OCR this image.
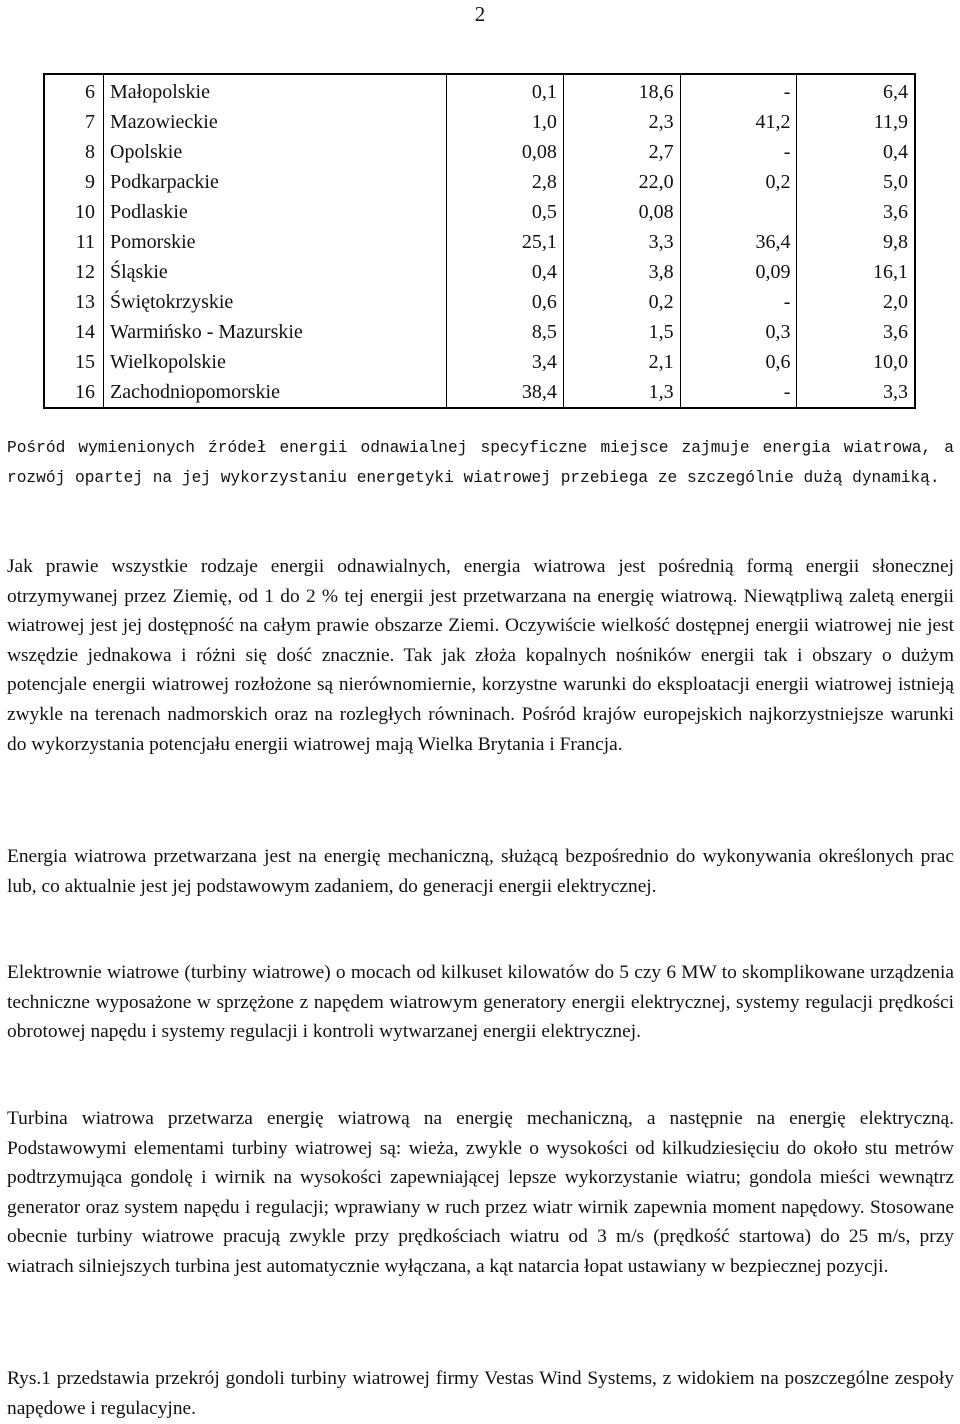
2
6	Małopolskie	0,1	18,6	-	6,4
7	Mazowieckie	1,0	2,3	41,2	11,9
8	Opolskie	0,08	2,7	-	0,4
9	Podkarpackie	2,8	22,0	0,2	5,0
10	Podlaskie	0,5	0,08		3,6
11	Pomorskie	25,1	3,3	36,4	9,8
12	Śląskie	0,4	3,8	0,09	16,1
13	Świętokrzyskie	0,6	0,2	-	2,0
14	Warmińsko - Mazurskie	8,5	1,5	0,3	3,6
15	Wielkopolskie	3,4	2,1	0,6	10,0
16	Zachodniopomorskie	38,4	1,3	-	3,3

Pośród wymienionych źródeł energii odnawialnej specyficzne miejsce zajmuje energia wiatrowa, a rozwój opartej na jej wykorzystaniu energetyki wiatrowej przebiega ze szczególnie dużą dynamiką.

Jak prawie wszystkie rodzaje energii odnawialnych, energia wiatrowa jest pośrednią formą energii słonecznej otrzymywanej przez Ziemię, od 1 do 2 % tej energii jest przetwarzana na energię wiatrową. Niewątpliwą zaletą energii wiatrowej jest jej dostępność na całym prawie obszarze Ziemi. Oczywiście wielkość dostępnej energii wiatrowej nie jest wszędzie jednakowa i różni się dość znacznie. Tak jak złoża kopalnych nośników energii tak i obszary o dużym potencjale energii wiatrowej rozłożone są nierównomiernie, korzystne warunki do eksploatacji energii wiatrowej istnieją zwykle na terenach nadmorskich oraz na rozległych równinach. Pośród krajów europejskich najkorzystniejsze warunki do wykorzystania potencjału energii wiatrowej mają Wielka Brytania i Francja.

Energia wiatrowa przetwarzana jest na energię mechaniczną, służącą bezpośrednio do wykonywania określonych prac lub, co aktualnie jest jej podstawowym zadaniem, do generacji energii elektrycznej.

Elektrownie wiatrowe (turbiny wiatrowe) o mocach od kilkuset kilowatów do 5 czy 6 MW to skomplikowane urządzenia techniczne wyposażone w sprzężone z napędem wiatrowym generatory energii elektrycznej, systemy regulacji prędkości obrotowej napędu i systemy regulacji i kontroli wytwarzanej energii elektrycznej.

Turbina wiatrowa przetwarza energię wiatrową na energię mechaniczną, a następnie na energię elektryczną. Podstawowymi elementami turbiny wiatrowej są: wieża, zwykle o wysokości od kilkudziesięciu do około stu metrów podtrzymująca gondolę i wirnik na wysokości zapewniającej lepsze wykorzystanie wiatru; gondola mieści wewnątrz generator oraz system napędu i regulacji; wprawiany w ruch przez wiatr wirnik zapewnia moment napędowy. Stosowane obecnie turbiny wiatrowe pracują zwykle przy prędkościach wiatru od 3 m/s (prędkość startowa) do 25 m/s, przy wiatrach silniejszych turbina jest automatycznie wyłączana, a kąt natarcia łopat ustawiany w bezpiecznej pozycji.

Rys.1 przedstawia przekrój gondoli turbiny wiatrowej firmy Vestas Wind Systems, z widokiem na poszczególne zespoły napędowe i regulacyjne.
